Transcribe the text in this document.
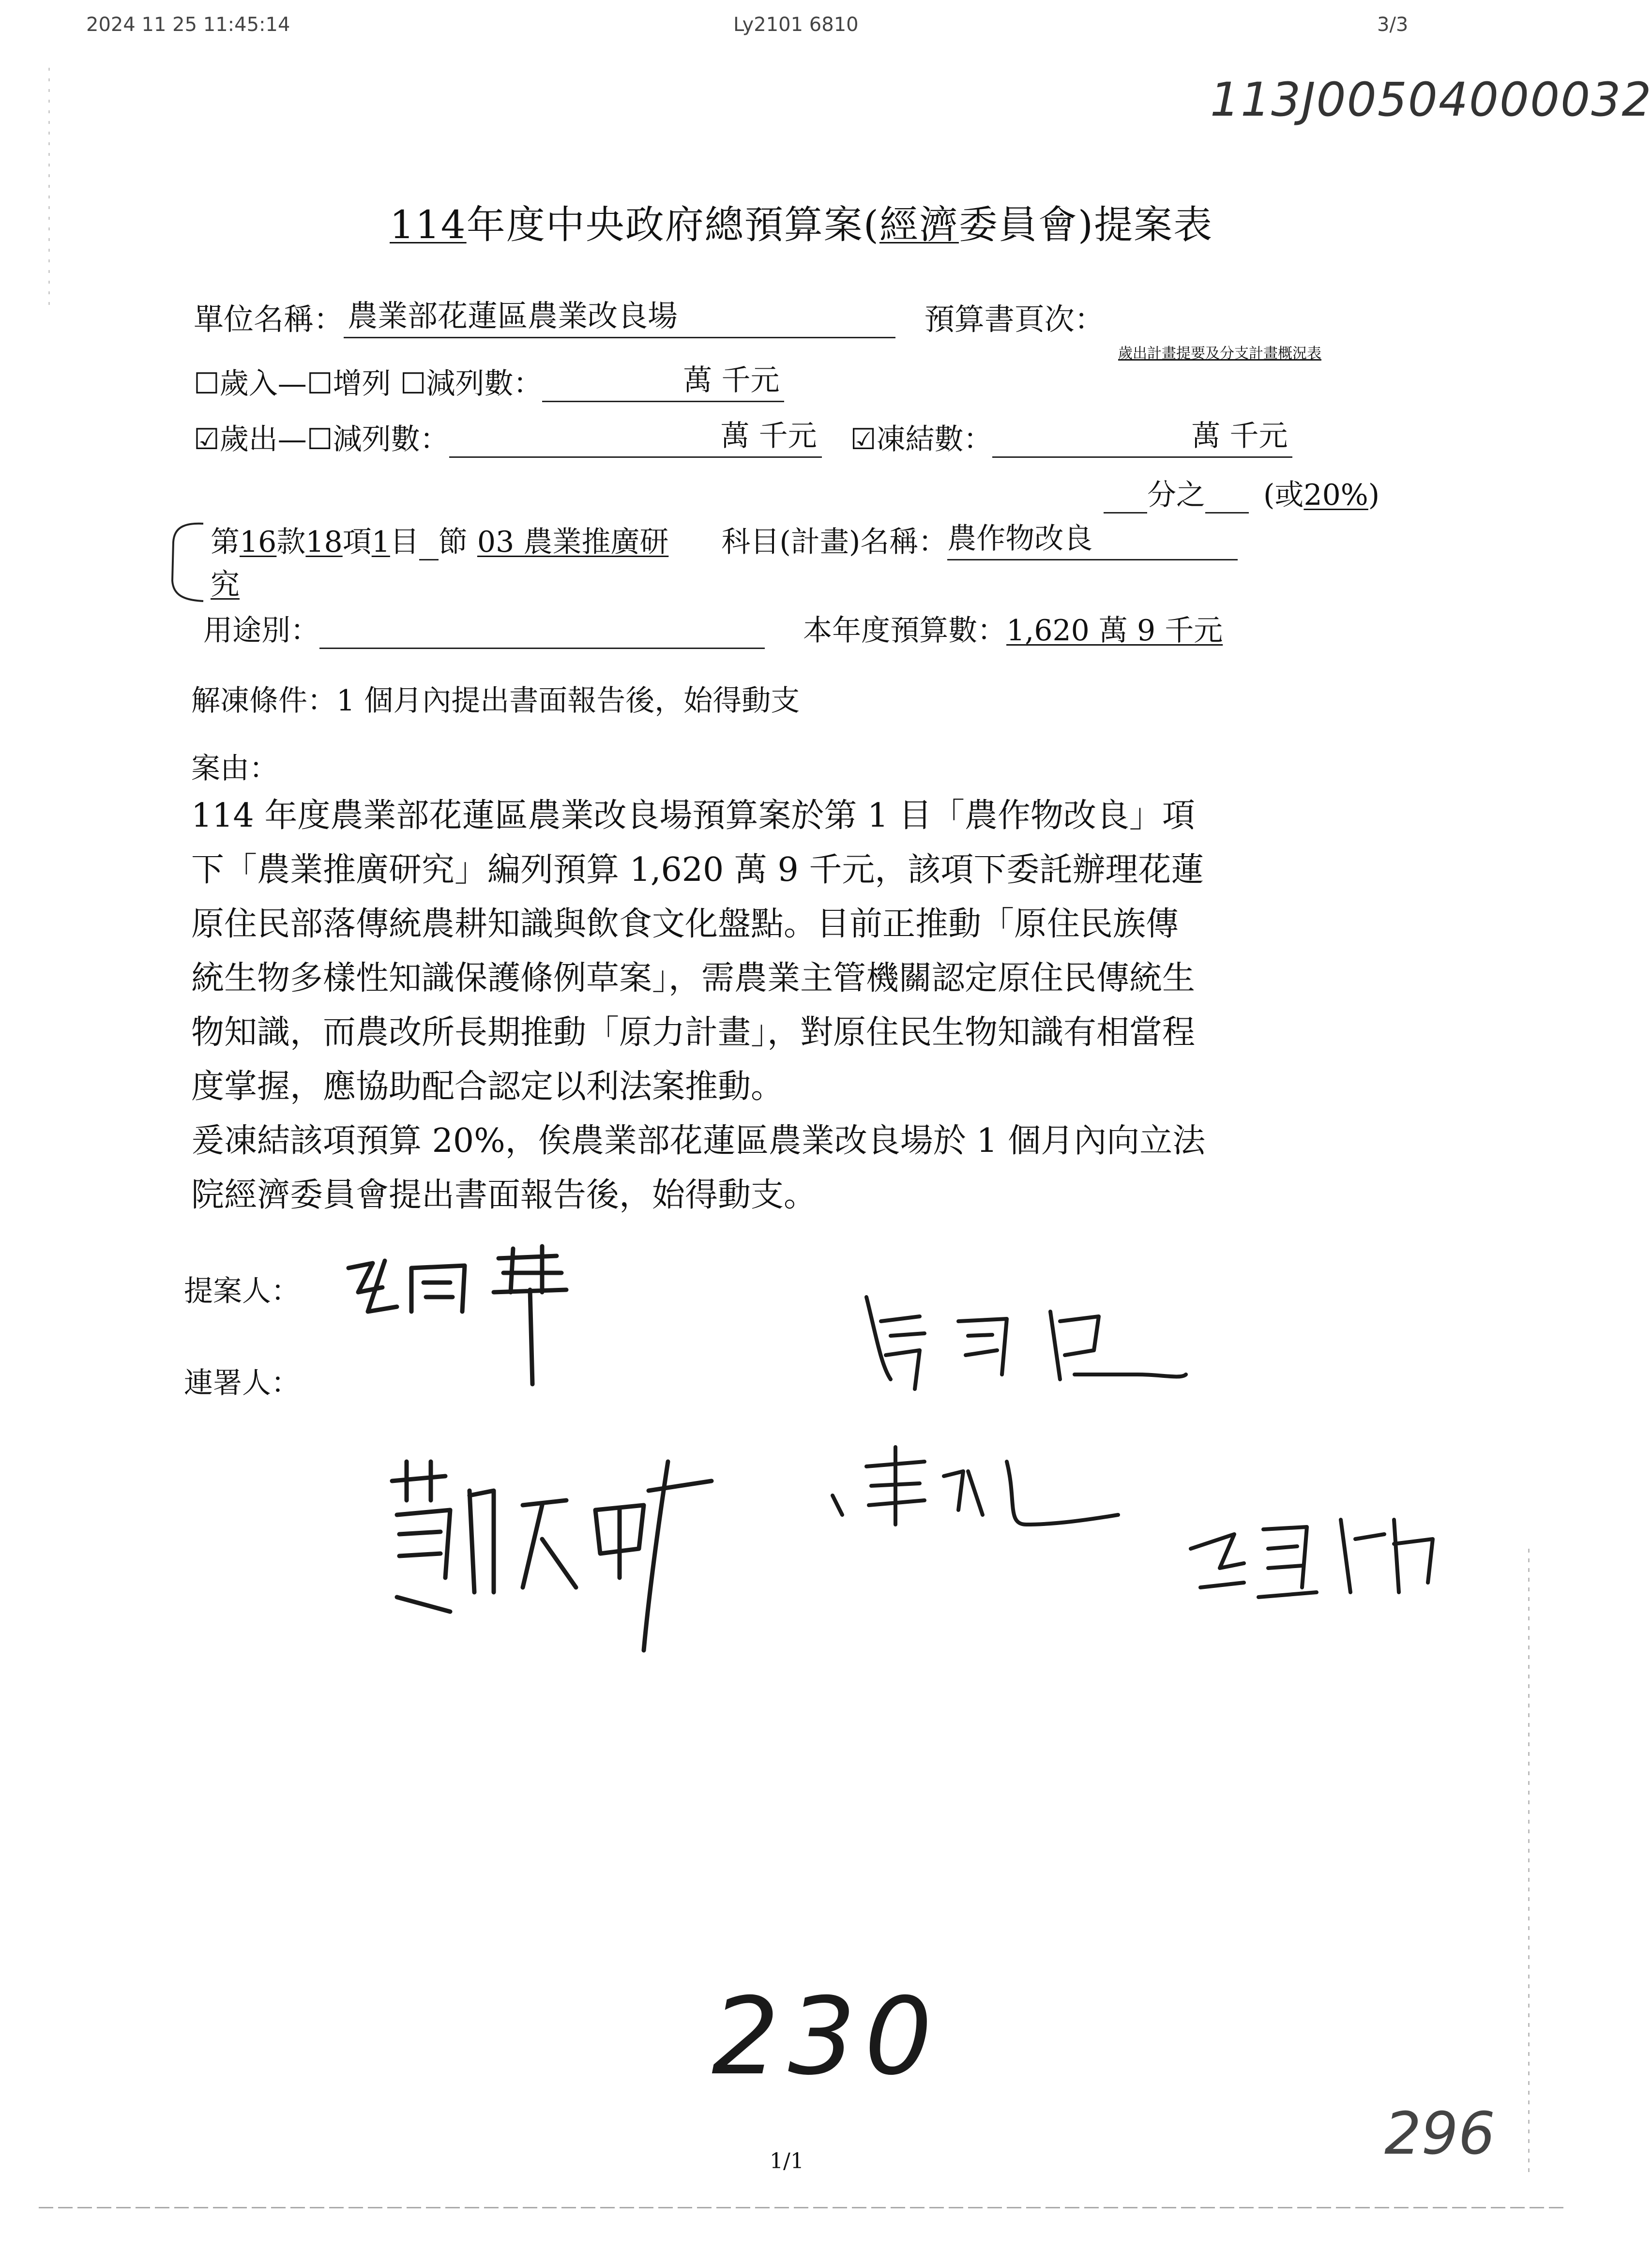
2024 11 25 11:45:14	Ly2101 6810	3/3
113J00504000032
114年度中央政府總預算案(經濟委員會)提案表
單位名稱： 農業部花蓮區農業改良場	預算書頁次：
歲出計畫提要及分支計畫概況表
☐歲入—☐增列 ☐減列數：	萬 千元
☑歲出—☐減列數：	萬 千元 ☑凍結數：	萬 千元
分之 (或20%)
第16款18項1目 節 03 農業推廣研 科目(計畫)名稱： 農作物改良
究
用途別：	本年度預算數：1,620 萬 9 千元
解凍條件：1 個月內提出書面報告後，始得動支
案由：
114 年度農業部花蓮區農業改良場預算案於第 1 目「農作物改良」項
下「農業推廣研究」編列預算 1,620 萬 9 千元，該項下委託辦理花蓮
原住民部落傳統農耕知識與飲食文化盤點。目前正推動「原住民族傳
統生物多樣性知識保護條例草案」，需農業主管機關認定原住民傳統生
物知識，而農改所長期推動「原力計畫」，對原住民生物知識有相當程
度掌握，應協助配合認定以利法案推動。
爰凍結該項預算 20%，俟農業部花蓮區農業改良場於 1 個月內向立法
院經濟委員會提出書面報告後，始得動支。
提案人：
連署人：
230
296
1/1
